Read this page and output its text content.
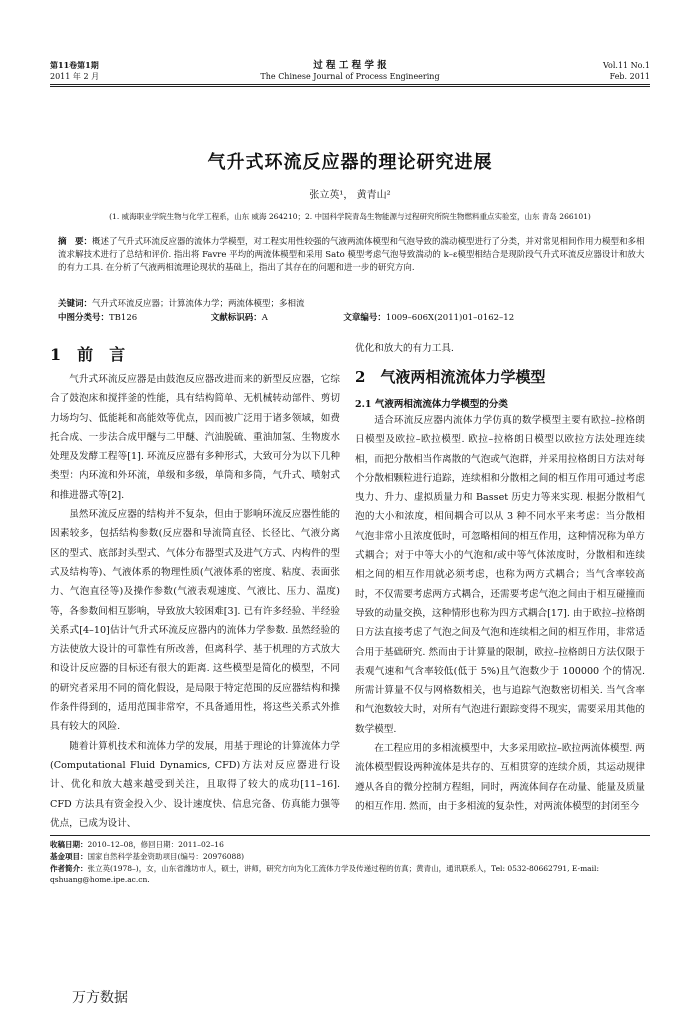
第11卷第1期
2011 年 2 月
过 程 工 程 学 报
The Chinese Journal of Process Engineering
Vol.11 No.1
Feb. 2011
气升式环流反应器的理论研究进展
张立英¹， 黄青山²
(1. 威海职业学院生物与化学工程系，山东 威海 264210；2. 中国科学院青岛生物能源与过程研究所院生物燃料重点实验室，山东 青岛 266101)
摘　要：概述了气升式环流反应器的流体力学模型，对工程实用性较强的气液两流体模型和气泡导致的湍动模型进行了分类，并对常见相间作用力模型和多相流求解技术进行了总结和评价. 指出将 Favre 平均的两流体模型和采用 Sato 模型考虑气泡导致湍动的 k–ε模型相结合是现阶段气升式环流反应器设计和放大的有力工具. 在分析了气液两相流理论现状的基础上，指出了其存在的问题和进一步的研究方向.
关键词：气升式环流反应器；计算流体力学；两流体模型；多相流
中图分类号：TB126	文献标识码：A	文章编号：1009–606X(2011)01–0162–12
1　前　言

气升式环流反应器是由鼓泡反应器改进而来的新型反应器，它综合了鼓泡床和搅拌釜的性能，具有结构简单、无机械转动部件、剪切力场均匀、低能耗和高能效等优点，因而被广泛用于诸多领域，如费托合成、一步法合成甲醚与二甲醚、汽油脱硫、重油加氢、生物废水处理及发酵工程等[1]. 环流反应器有多种形式，大致可分为以下几种类型：内环流和外环流，单级和多级，单筒和多筒，气升式、喷射式和推进器式等[2].

虽然环流反应器的结构并不复杂，但由于影响环流反应器性能的因素较多，包括结构参数(反应器和导流筒直径、长径比、气液分离区的型式、底部封头型式、气体分布器型式及进气方式、内构件的型式及结构等)、气液体系的物理性质(气液体系的密度、粘度、表面张力、气泡直径等)及操作参数(气液表观速度、气液比、压力、温度)等，各参数间相互影响，导致放大较困难[3]. 已有许多经验、半经验关系式[4–10]估计气升式环流反应器内的流体力学参数. 虽然经验的方法使放大设计的可靠性有所改善，但离科学、基于机理的方式放大和设计反应器的目标还有很大的距离. 这些模型是简化的模型，不同的研究者采用不同的简化假设，是局限于特定范围的反应器结构和操作条件得到的，适用范围非常窄，不具备通用性，将这些关系式外推具有较大的风险.

随着计算机技术和流体力学的发展，用基于理论的计算流体力学(Computational Fluid Dynamics, CFD)方法对反应器进行设计、优化和放大越来越受到关注，且取得了较大的成功[11–16]. CFD 方法具有资金投入少、设计速度快、信息完备、仿真能力强等优点，已成为设计、

优化和放大的有力工具.

2　气液两相流流体力学模型
2.1 气液两相流流体力学模型的分类

适合环流反应器内流体力学仿真的数学模型主要有欧拉–拉格朗日模型及欧拉–欧拉模型. 欧拉–拉格朗日模型以欧拉方法处理连续相，而把分散相当作离散的气泡或气泡群，并采用拉格朗日方法对每个分散相颗粒进行追踪，连续相和分散相之间的相互作用可通过考虑曳力、升力、虚拟质量力和 Basset 历史力等来实现. 根据分散相气泡的大小和浓度，相间耦合可以从 3 种不同水平来考虑：当分散相气泡非常小且浓度低时，可忽略相间的相互作用，这种情况称为单方式耦合；对于中等大小的气泡和/或中等气体浓度时，分散相和连续相之间的相互作用就必须考虑，也称为两方式耦合；当气含率较高时，不仅需要考虑两方式耦合，还需要考虑气泡之间由于相互碰撞而导致的动量交换，这种情形也称为四方式耦合[17]. 由于欧拉–拉格朗日方法直接考虑了气泡之间及气泡和连续相之间的相互作用，非常适合用于基础研究. 然而由于计算量的限制，欧拉–拉格朗日方法仅限于表观气速和气含率较低(低于 5%)且气泡数少于 100000 个的情况. 所需计算量不仅与网格数相关，也与追踪气泡数密切相关. 当气含率和气泡数较大时，对所有气泡进行跟踪变得不现实，需要采用其他的数学模型.

在工程应用的多相流模型中，大多采用欧拉–欧拉两流体模型. 两流体模型假设两种流体是共存的、互相贯穿的连续介质，其运动规律遵从各自的微分控制方程组，同时，两流体间存在动量、能量及质量的相互作用. 然而，由于多相流的复杂性，对两流体模型的封闭至今

收稿日期：2010–12–08，修回日期：2011–02–16
基金项目：国家自然科学基金资助项目(编号：20976088)
作者简介：张立英(1978–)，女，山东省潍坊市人，硕士，讲师，研究方向为化工流体力学及传递过程的仿真；黄青山，通讯联系人，Tel: 0532-80662791, E-mail: qshuang@home.ipe.ac.cn.
万方数据
